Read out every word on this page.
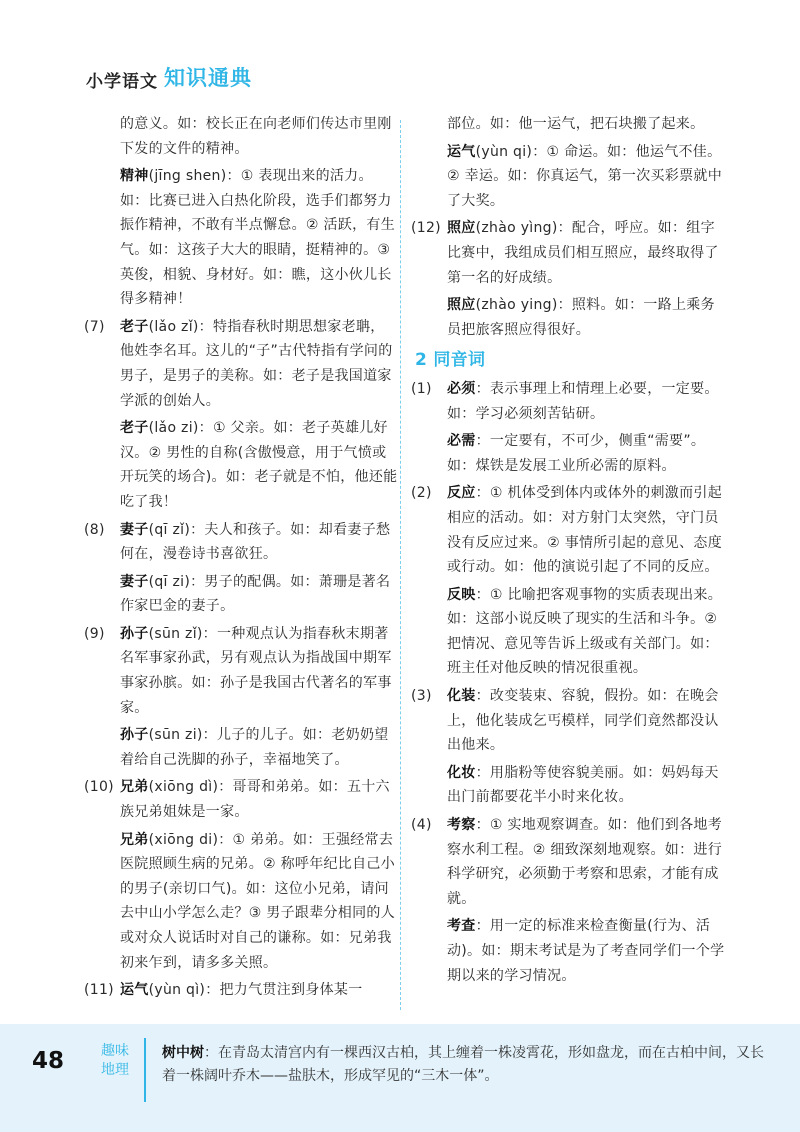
小学语文 知识通典
的意义。如：校长正在向老师们传达市里刚下发的文件的精神。
精神(jīng shen)：① 表现出来的活力。如：比赛已进入白热化阶段，选手们都努力振作精神，不敢有半点懈怠。② 活跃，有生气。如：这孩子大大的眼睛，挺精神的。③ 英俊，相貌、身材好。如：瞧，这小伙儿长得多精神！
(7) 老子(lǎo zǐ)：特指春秋时期思想家老聃，他姓李名耳。这儿的“子”古代特指有学问的男子，是男子的美称。如：老子是我国道家学派的创始人。
老子(lǎo zi)：① 父亲。如：老子英雄儿好汉。② 男性的自称(含傲慢意，用于气愤或开玩笑的场合)。如：老子就是不怕，他还能吃了我！
(8) 妻子(qī zǐ)：夫人和孩子。如：却看妻子愁何在，漫卷诗书喜欲狂。
妻子(qī zi)：男子的配偶。如：萧珊是著名作家巴金的妻子。
(9) 孙子(sūn zǐ)：一种观点认为指春秋末期著名军事家孙武，另有观点认为指战国中期军事家孙膑。如：孙子是我国古代著名的军事家。
孙子(sūn zi)：儿子的儿子。如：老奶奶望着给自己洗脚的孙子，幸福地笑了。
(10) 兄弟(xiōng dì)：哥哥和弟弟。如：五十六族兄弟姐妹是一家。
兄弟(xiōng di)：① 弟弟。如：王强经常去医院照顾生病的兄弟。② 称呼年纪比自己小的男子(亲切口气)。如：这位小兄弟，请问去中山小学怎么走？③ 男子跟辈分相同的人或对众人说话时对自己的谦称。如：兄弟我初来乍到，请多多关照。
(11) 运气(yùn qì)：把力气贯注到身体某一
部位。如：他一运气，把石块搬了起来。
运气(yùn qi)：① 命运。如：他运气不佳。② 幸运。如：你真运气，第一次买彩票就中了大奖。
(12) 照应(zhào yìng)：配合，呼应。如：组字比赛中，我组成员们相互照应，最终取得了第一名的好成绩。
照应(zhào ying)：照料。如：一路上乘务员把旅客照应得很好。
2 同音词
(1) 必须：表示事理上和情理上必要，一定要。如：学习必须刻苦钻研。
必需：一定要有，不可少，侧重“需要”。如：煤铁是发展工业所必需的原料。
(2) 反应：① 机体受到体内或体外的刺激而引起相应的活动。如：对方射门太突然，守门员没有反应过来。② 事情所引起的意见、态度或行动。如：他的演说引起了不同的反应。
反映：① 比喻把客观事物的实质表现出来。如：这部小说反映了现实的生活和斗争。② 把情况、意见等告诉上级或有关部门。如：班主任对他反映的情况很重视。
(3) 化装：改变装束、容貌，假扮。如：在晚会上，他化装成乞丐模样，同学们竟然都没认出他来。
化妆：用脂粉等使容貌美丽。如：妈妈每天出门前都要花半小时来化妆。
(4) 考察：① 实地观察调查。如：他们到各地考察水利工程。② 细致深刻地观察。如：进行科学研究，必须勤于考察和思索，才能有成就。
考查：用一定的标准来检查衡量(行为、活动)。如：期末考试是为了考查同学们一个学期以来的学习情况。
48	趣味
地理
树中树：在青岛太清宫内有一棵西汉古柏，其上缠着一株凌霄花，形如盘龙，而在古柏中间，又长着一株阔叶乔木——盐肤木，形成罕见的“三木一体”。
